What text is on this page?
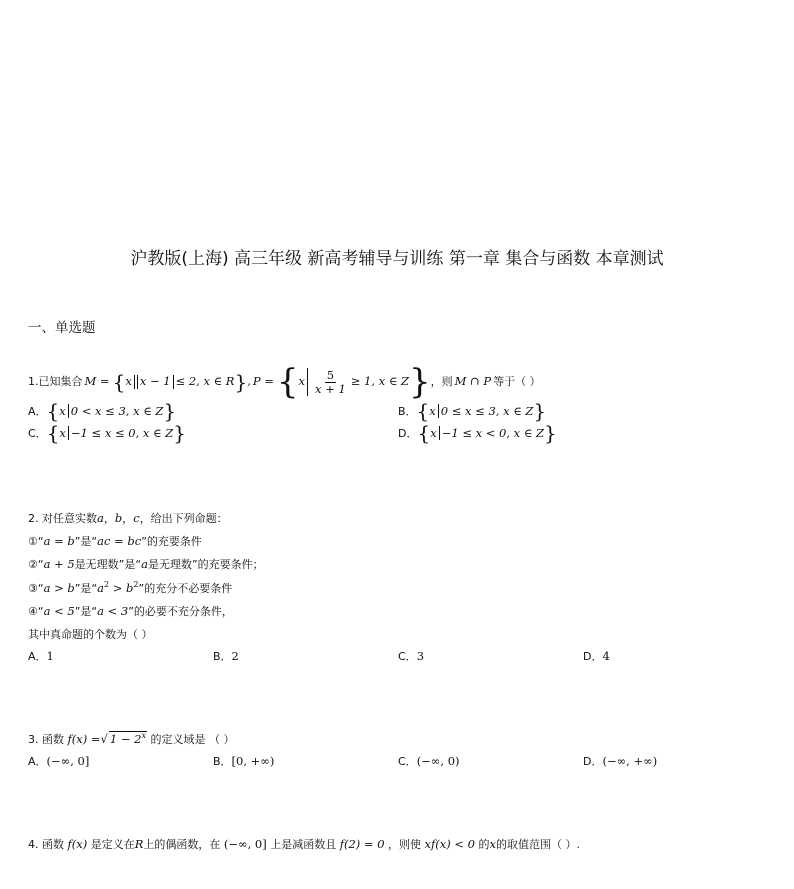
沪教版(上海) 高三年级 新高考辅导与训练 第一章 集合与函数 本章测试
一、单选题
1. 已知集合 M = { x x − 1 ≤ 2, x ∈ R } , P = { x $\frac{5}{x + 1} \ge 1$, x ∈ Z } ，则 M ∩ P 等于（ ）
A．{x 0 < x ≤ 3, x ∈ Z}	B．{x 0 ≤ x ≤ 3, x ∈ Z}
C．{x −1 ≤ x ≤ 0, x ∈ Z}	D．{x −1 ≤ x < 0, x ∈ Z}
2. 对任意实数a，b，c，给出下列命题：
①“a = b”是“ac = bc”的充要条件
②“a + 5是无理数”是“a是无理数”的充要条件；
③“a > b”是“$a^2 > b^2$”的充分不必要条件
④“a < 5”是“a < 3”的必要不充分条件，
其中真命题的个数为（ ）
A．1	B．2	C．3	D．4
3. 函数 f(x) =√ $1 - 2^x$ 的定义域是 （ ）
A．(−∞, 0]	B．[0, +∞)	C．(−∞, 0)	D．(−∞, +∞)
4. 函数 f(x) 是定义在R上的偶函数，在 (−∞, 0] 上是减函数且 f(2) = 0 ，则使 xf(x) < 0 的x的取值范围（ ）.
